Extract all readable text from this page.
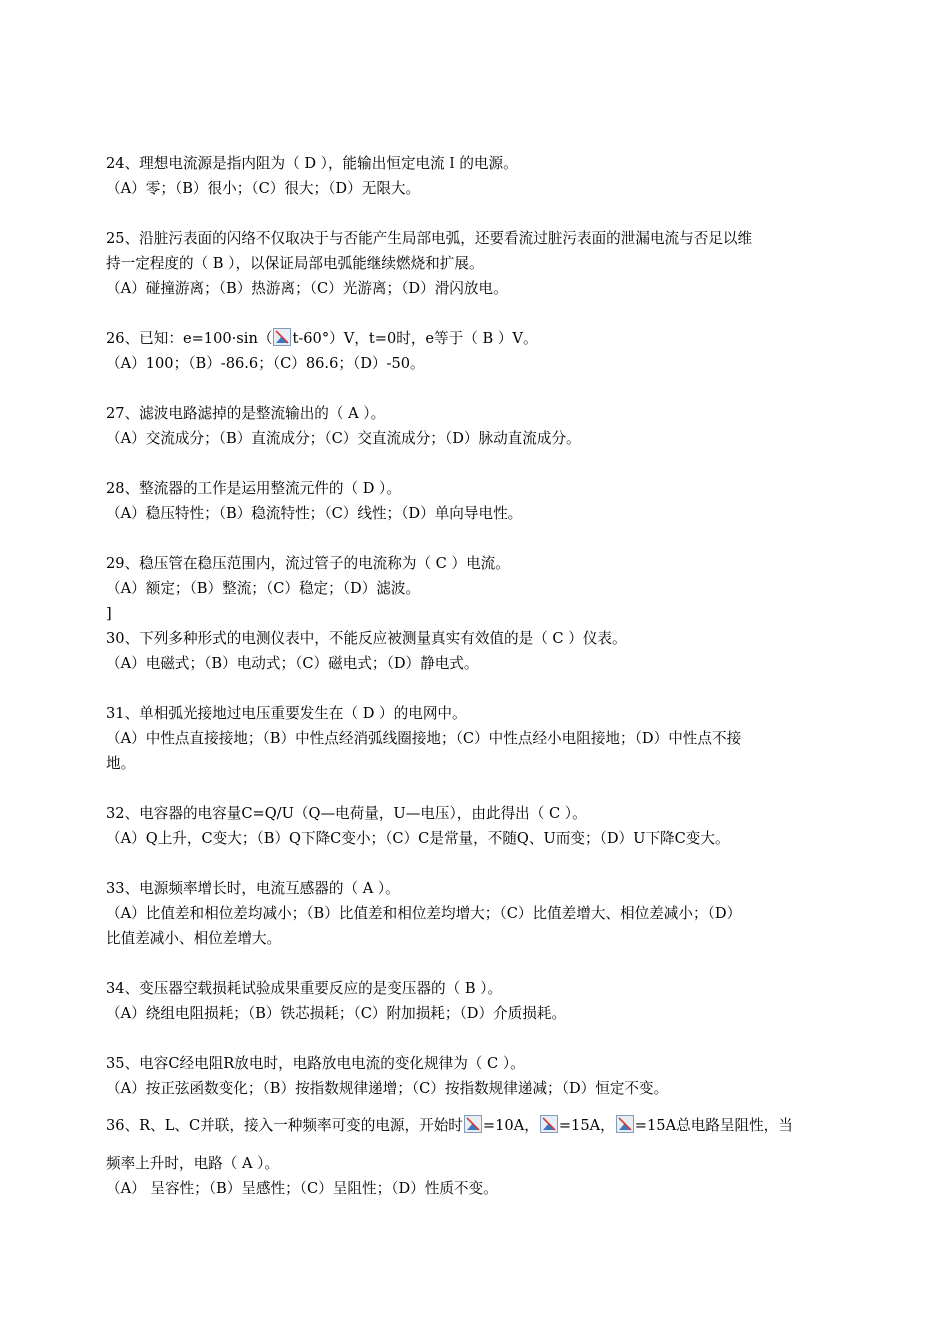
24、理想电流源是指内阻为（ D ），能输出恒定电流Ｉ的电源。
（A）零；（B）很小；（C）很大；（D）无限大。
25、沿脏污表面的闪络不仅取决于与否能产生局部电弧，还要看流过脏污表面的泄漏电流与否足以维
持一定程度的（ B ），以保证局部电弧能继续燃烧和扩展。
（A）碰撞游离；（B）热游离；（C）光游离；（D）滑闪放电。
26、已知：e=100·sin（ t-60°）V，t=0时，e等于（ B ）V。
（A）100；（B）-86.6；（C）86.6；（D）-50。
27、滤波电路滤掉的是整流输出的（ A ）。
（A）交流成分；（B）直流成分；（C）交直流成分；（D）脉动直流成分。
28、整流器的工作是运用整流元件的（ D ）。
（A）稳压特性；（B）稳流特性；（C）线性；（D）单向导电性。
29、稳压管在稳压范围内，流过管子的电流称为（ C ）电流。
（A）额定；（B）整流；（C）稳定；（D）滤波。
]
30、下列多种形式的电测仪表中，不能反应被测量真实有效值的是（ C ）仪表。
（A）电磁式；（B）电动式；（C）磁电式；（D）静电式。
31、单相弧光接地过电压重要发生在（ D ）的电网中。
（A）中性点直接接地；（B）中性点经消弧线圈接地；（C）中性点经小电阻接地；（D）中性点不接
地。
32、电容器的电容量C=Q/U（Q—电荷量，U—电压），由此得出（ C ）。
（A）Q上升，C变大；（B）Q下降C变小；（C）C是常量，不随Q、U而变；（D）U下降C变大。
33、电源频率增长时，电流互感器的（ A ）。
（A）比值差和相位差均减小；（B）比值差和相位差均增大；（C）比值差增大、相位差减小；（D）
比值差减小、相位差增大。
34、变压器空载损耗试验成果重要反应的是变压器的（ B ）。
（A）绕组电阻损耗；（B）铁芯损耗；（C）附加损耗；（D）介质损耗。
35、电容C经电阻R放电时，电路放电电流的变化规律为（ C ）。
（A）按正弦函数变化；（B）按指数规律递增；（C）按指数规律递减；（D）恒定不变。
36、R、L、C并联，接入一种频率可变的电源，开始时 =10A， =15A， =15A总电路呈阻性，当
频率上升时，电路（ A ）。
（A） 呈容性；（B）呈感性；（C）呈阻性；（D）性质不变。
